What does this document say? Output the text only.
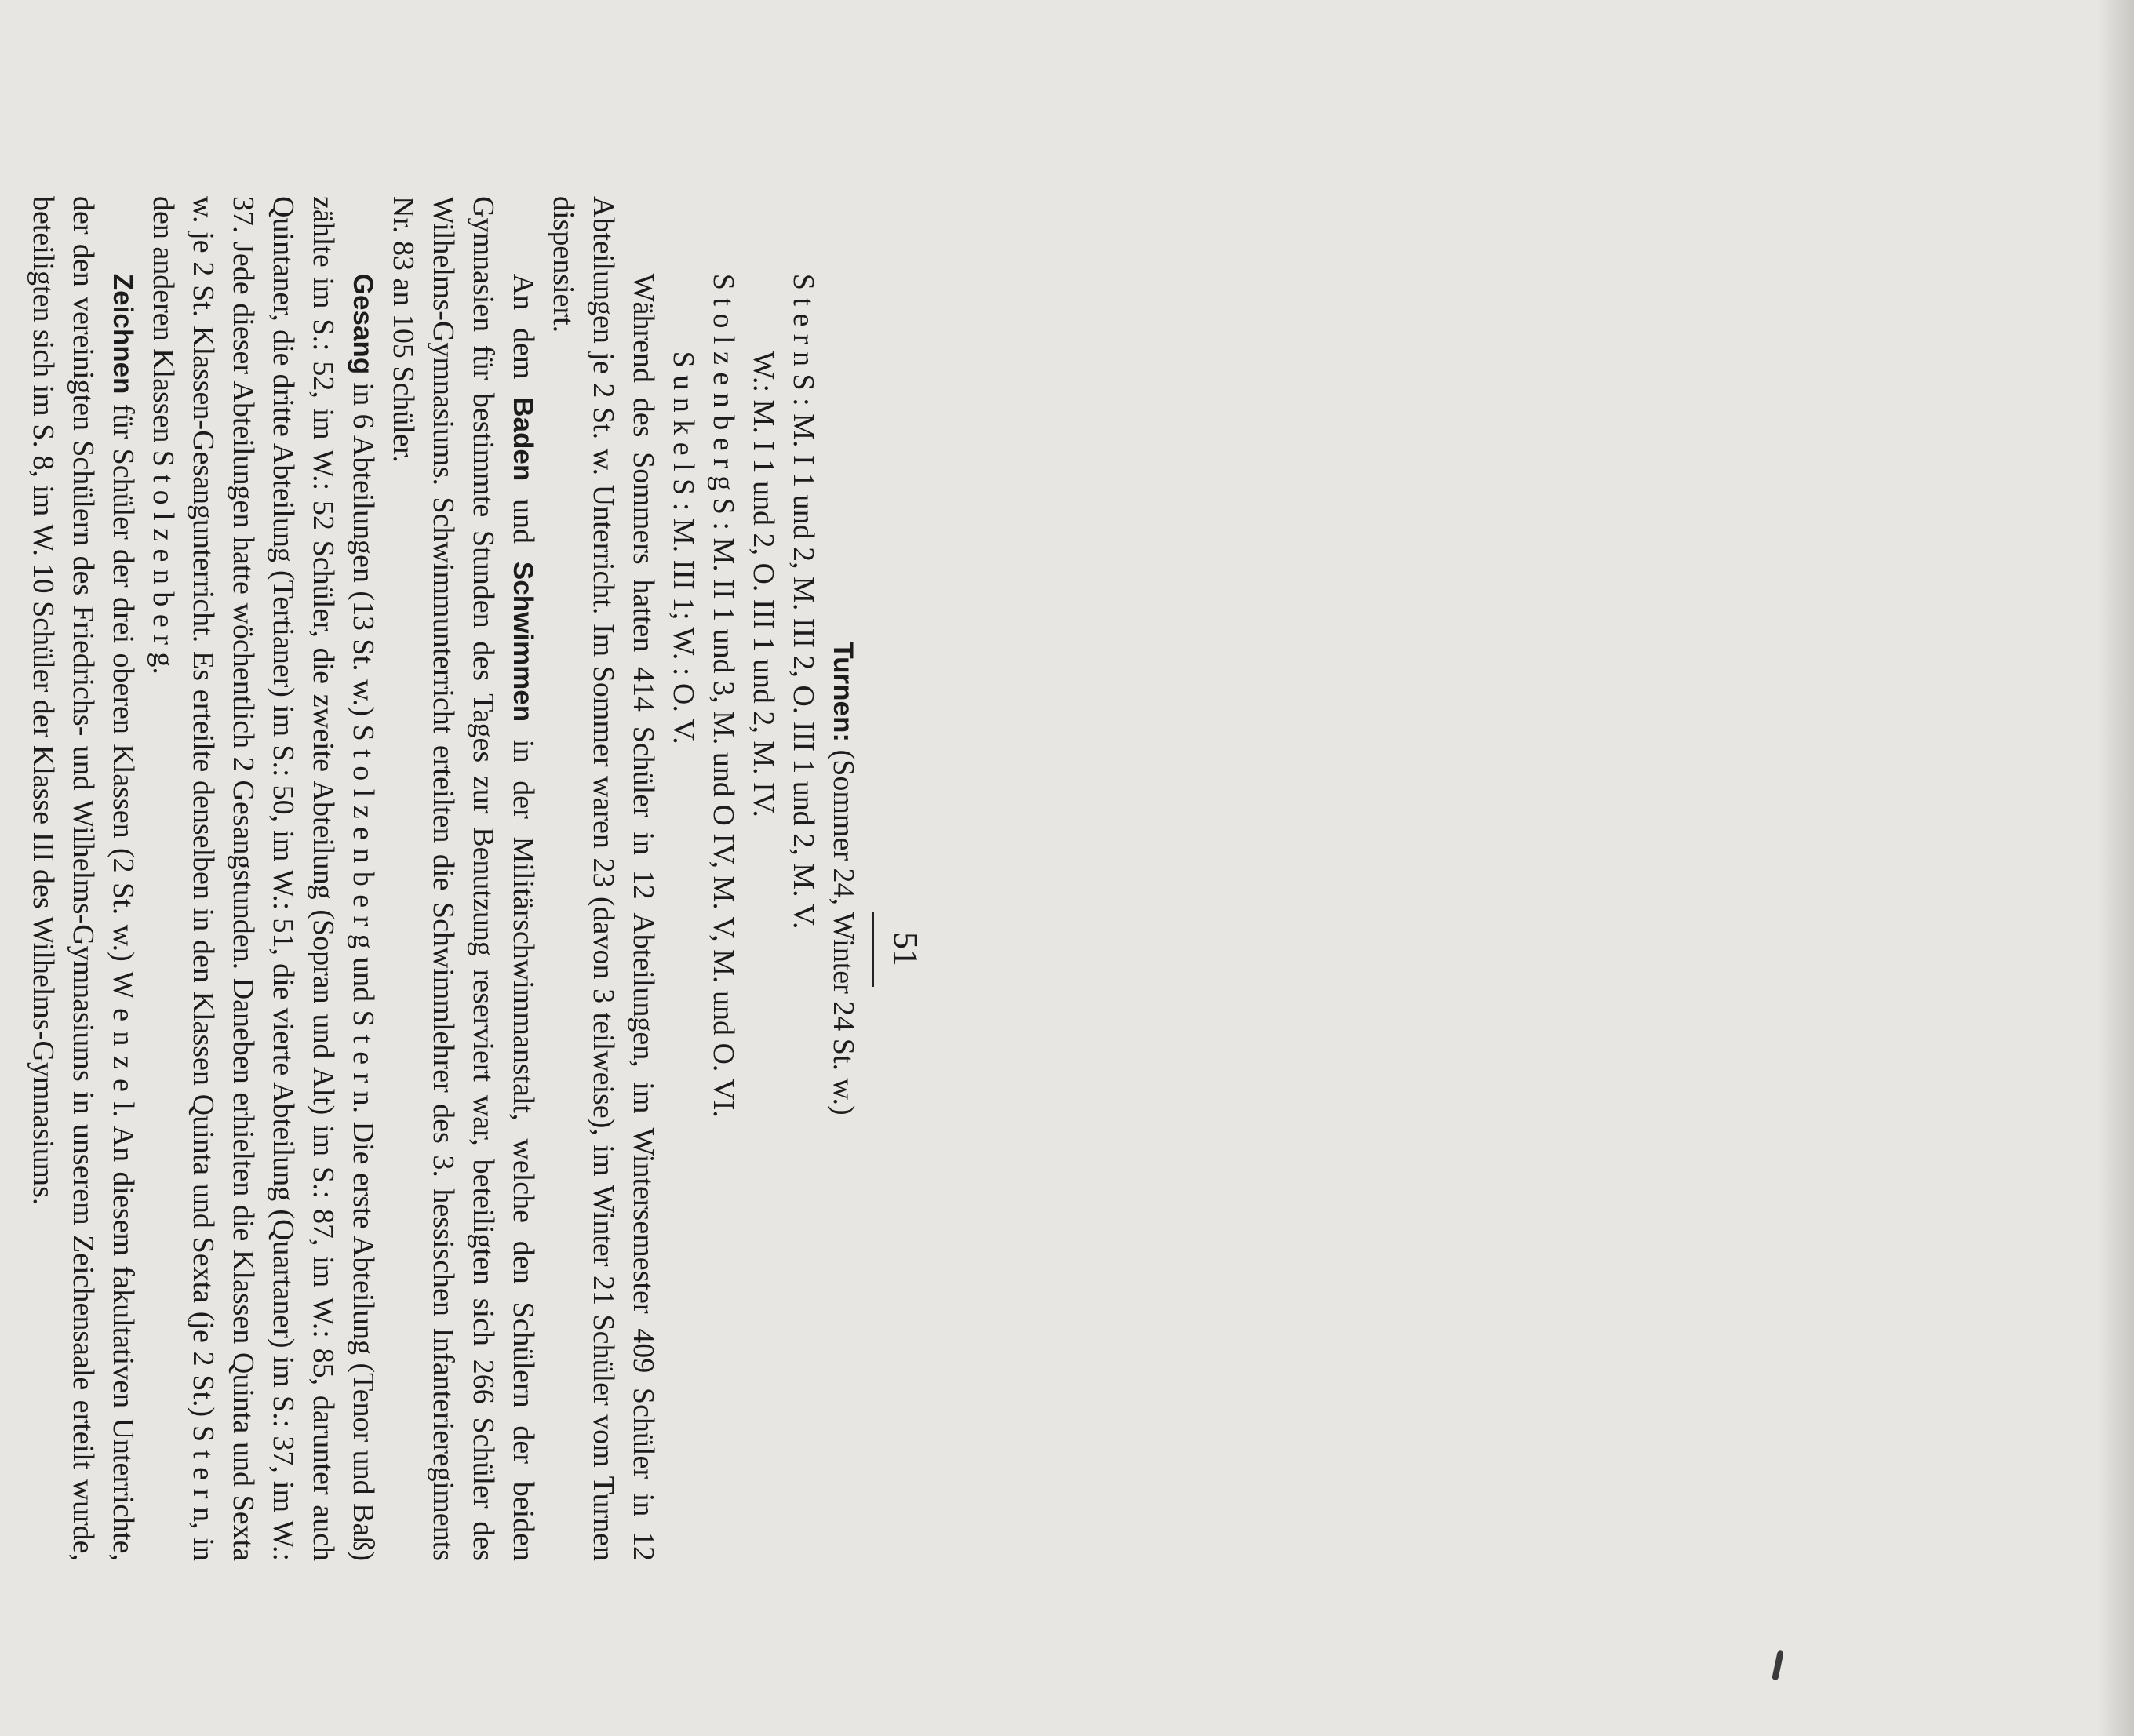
51

Turnen: (Sommer 24, Winter 24 St. w.)

S t e r n S : M. I 1 und 2, M. III 2, O. III 1 und 2, M. V.

W.: M. I 1 und 2, O. III 1 und 2, M. IV.

S t o l z e n b e r g S : M. II 1 und 3, M. und O IV, M. V, M. und O. VI.

S u n k e l S : M. III 1; W. : O. V.

Während des Sommers hatten 414 Schüler in 12 Abteilungen, im Wintersemester 409 Schüler in 12 Abteilungen je 2 St. w. Unterricht. Im Sommer waren 23 (davon 3 teilweise), im Winter 21 Schüler vom Turnen dispensiert.

An dem Baden und Schwimmen in der Militärschwimmanstalt, welche den Schülern der beiden Gymnasien für bestimmte Stunden des Tages zur Benutzung reserviert war, beteiligten sich 266 Schüler des Wilhelms-Gymnasiums. Schwimmunterricht erteilten die Schwimmlehrer des 3. hessischen Infanterieregiments Nr. 83 an 105 Schüler.

Gesang in 6 Abteilungen (13 St. w.) S t o l z e n b e r g und S t e r n. Die erste Abteilung (Tenor und Baß) zählte im S.: 52, im W.: 52 Schüler, die zweite Abteilung (Sopran und Alt) im S.: 87, im W.: 85, darunter auch Quintaner, die dritte Abteilung (Tertianer) im S.: 50, im W.: 51, die vierte Abteilung (Quartaner) im S.: 37, im W.: 37. Jede dieser Abteilungen hatte wöchentlich 2 Gesangstunden. Daneben erhielten die Klassen Quinta und Sexta w. je 2 St. Klassen-Gesangunterricht. Es erteilte denselben in den Klassen Quinta und Sexta (je 2 St.) S t e r n, in den anderen Klassen S t o l z e n b e r g.

Zeichnen für Schüler der drei oberen Klassen (2 St. w.) W e n z e l. An diesem fakultativen Unterrichte, der den vereinigten Schülern des Friedrichs- und Wilhelms-Gymnasiums in unserem Zeichensaale erteilt wurde, beteiligten sich im S. 8, im W. 10 Schüler der Klasse III des Wilhelms-Gymnasiums.
